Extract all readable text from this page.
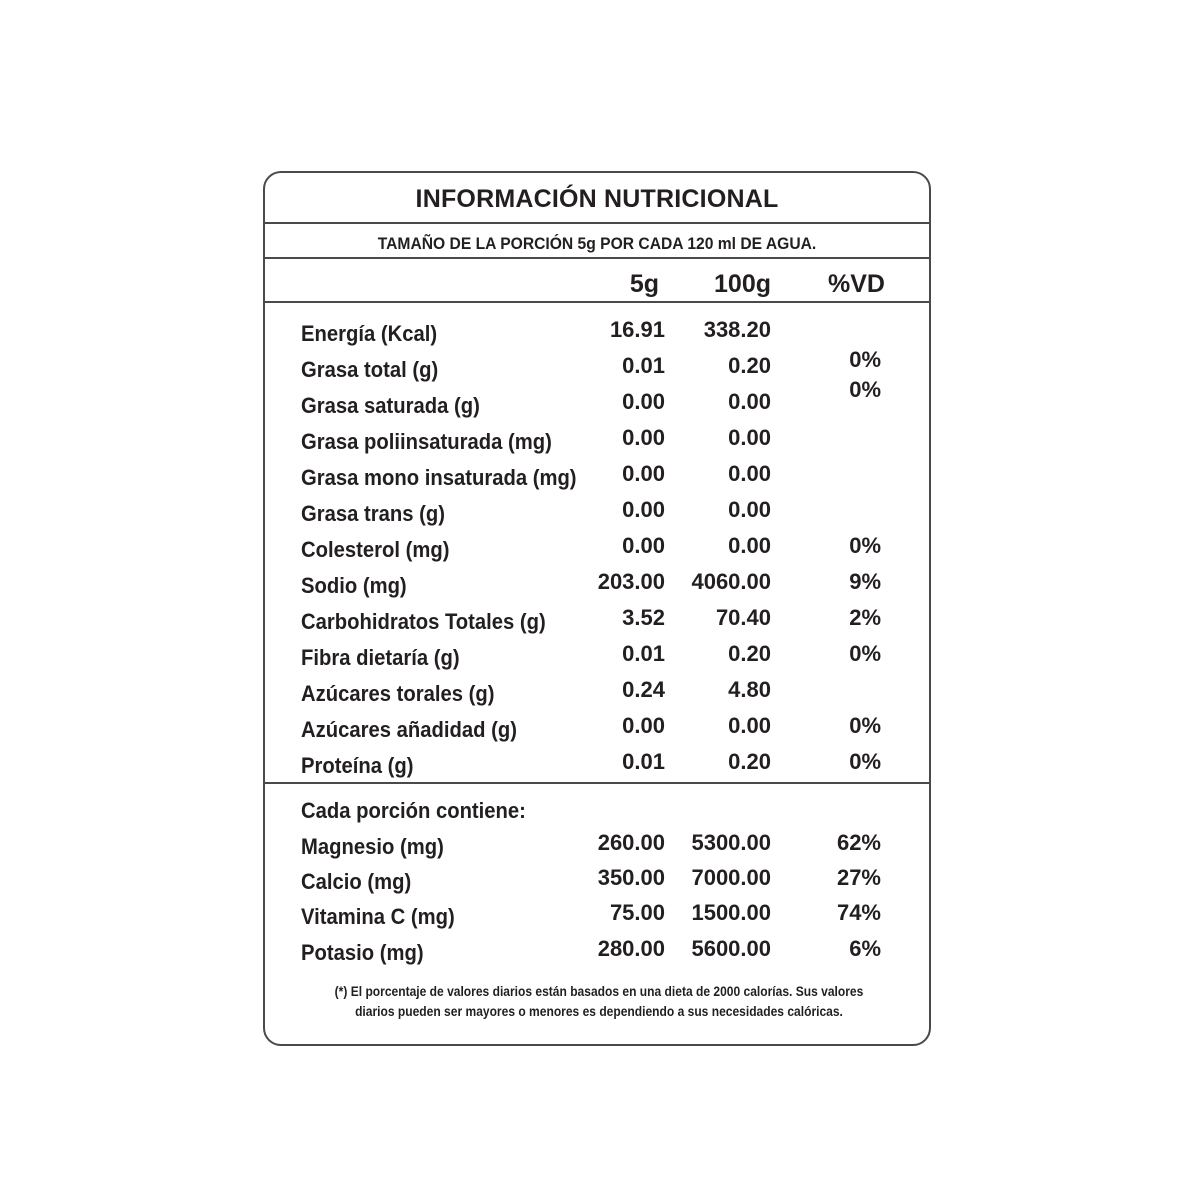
INFORMACIÓN NUTRICIONAL
TAMAÑO DE LA PORCIÓN 5g POR CADA 120 ml DE AGUA.
5g 100g %VD
Energía (Kcal)	16.91 338.20
Grasa total (g)	0.01	0.20	0%
Grasa saturada (g)	0.00	0.00	0%
Grasa poliinsaturada (mg)	0.00	0.00
Grasa mono insaturada (mg) 0.00	0.00
Grasa trans (g)	0.00	0.00
Colesterol (mg)	0.00	0.00	0%
Sodio (mg)	203.00 4060.00	9%
Carbohidratos Totales (g)	3.52 70.40	2%
Fibra dietaría (g)	0.01	0.20	0%
Azúcares torales (g)	0.24	4.80
Azúcares añadidad (g)	0.00	0.00	0%
Proteína (g)	0.01	0.20	0%
Cada porción contiene:
Magnesio (mg)	260.00 5300.00	62%
Calcio (mg)	350.00 7000.00	27%
Vitamina C (mg)	75.00 1500.00	74%
Potasio (mg)	280.00 5600.00	6%
(*) El porcentaje de valores diarios están basados en una dieta de 2000 calorías. Sus valores
diarios pueden ser mayores o menores es dependiendo a sus necesidades calóricas.
